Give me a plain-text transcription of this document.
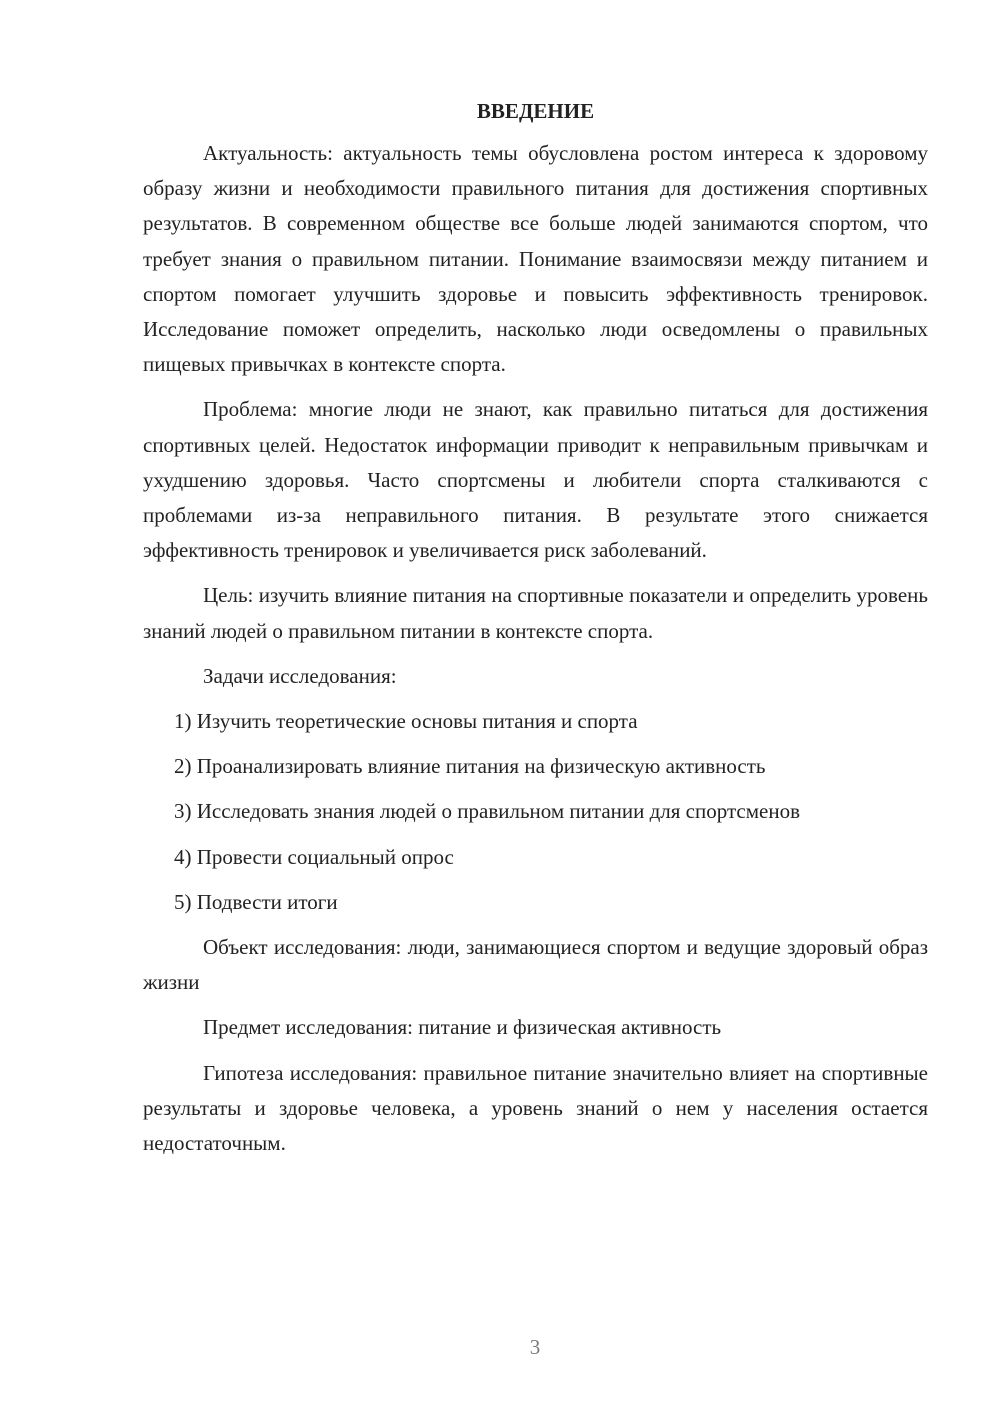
ВВЕДЕНИЕ

Актуальность: актуальность темы обусловлена ростом интереса к здоровому образу жизни и необходимости правильного питания для достижения спортивных результатов. В современном обществе все больше людей занимаются спортом, что требует знания о правильном питании. Понимание взаимосвязи между питанием и спортом помогает улучшить здоровье и повысить эффективность тренировок. Исследование поможет определить, насколько люди осведомлены о правильных пищевых привычках в контексте спорта.

Проблема: многие люди не знают, как правильно питаться для достижения спортивных целей. Недостаток информации приводит к неправильным привычкам и ухудшению здоровья. Часто спортсмены и любители спорта сталкиваются с проблемами из-за неправильного питания. В результате этого снижается эффективность тренировок и увеличивается риск заболеваний.

Цель: изучить влияние питания на спортивные показатели и определить уровень знаний людей о правильном питании в контексте спорта.

Задачи исследования:

1) Изучить теоретические основы питания и спорта
2) Проанализировать влияние питания на физическую активность
3) Исследовать знания людей о правильном питании для спортсменов
4) Провести социальный опрос
5) Подвести итоги

Объект исследования: люди, занимающиеся спортом и ведущие здоровый образ жизни

Предмет исследования: питание и физическая активность

Гипотеза исследования: правильное питание значительно влияет на спортивные результаты и здоровье человека, а уровень знаний о нем у населения остается недостаточным.

3
